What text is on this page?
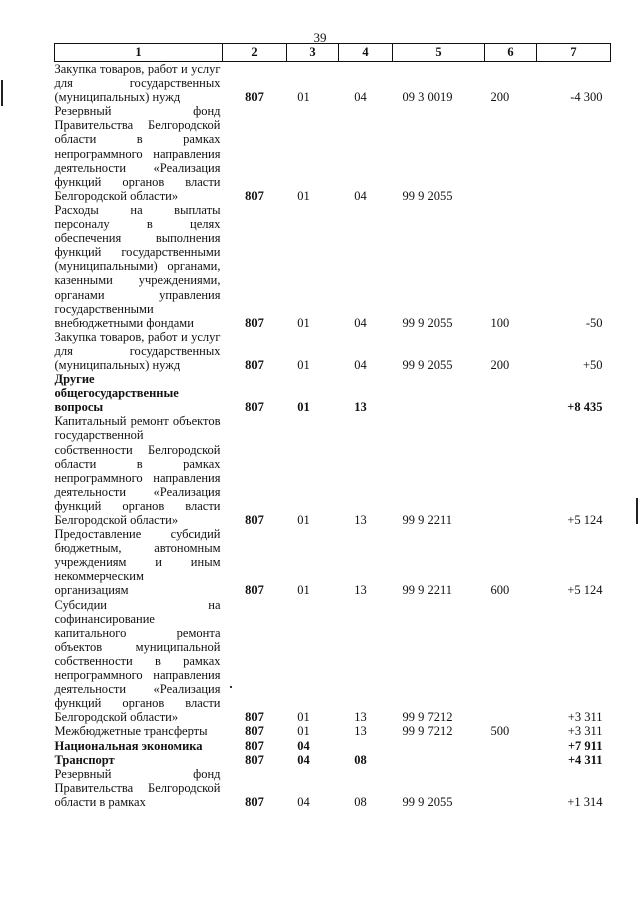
39
1	2	3	4	5	6	7
Закупка товаров, работ и услуг для государственных (муниципальных) нужд	807	01	04	09 3 0019	200	-4 300
Резервный фонд Правительства Белгородской области в рамках непрограммного направления деятельности «Реализация функций органов власти Белгородской области»	807	01	04	99 9 2055		
Расходы на выплаты персоналу в целях обеспечения выполнения функций государственными (муниципальными) органами, казенными учреждениями, органами управления государственными внебюджетными фондами	807	01	04	99 9 2055	100	-50
Закупка товаров, работ и услуг для государственных (муниципальных) нужд	807	01	04	99 9 2055	200	+50
Другие общегосударственные вопросы	807	01	13			+8 435
Капитальный ремонт объектов государственной собственности Белгородской области в рамках непрограммного направления деятельности «Реализация функций органов власти Белгородской области»	807	01	13	99 9 2211		+5 124
Предоставление субсидий бюджетным, автономным учреждениям и иным некоммерческим организациям	807	01	13	99 9 2211	600	+5 124
Субсидии на софинансирование капитального ремонта объектов муниципальной собственности в рамках непрограммного направления деятельности «Реализация функций органов власти Белгородской области»	807	01	13	99 9 7212		+3 311
Межбюджетные трансферты	807	01	13	99 9 7212	500	+3 311
Национальная экономика	807	04				+7 911
Транспорт	807	04	08			+4 311
Резервный фонд Правительства Белгородской области в рамках	807	04	08	99 9 2055		+1 314
